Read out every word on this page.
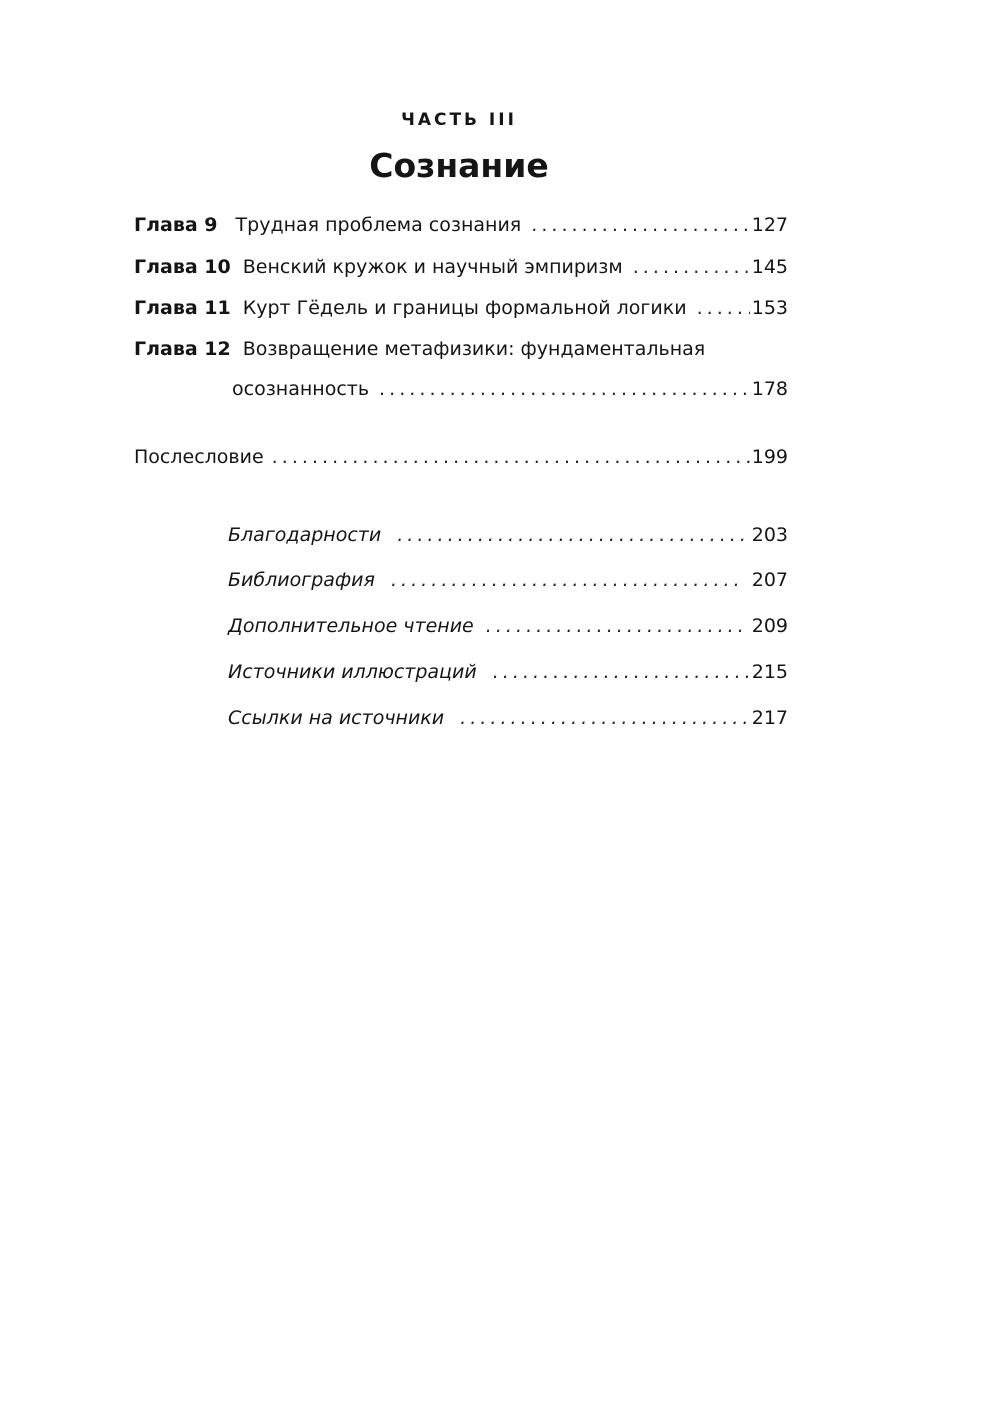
ЧАСТЬ III
Сознание
Глава 9 Трудная проблема сознания . . .	127
Глава 10 Венский кружок и научный эмпиризм . . .	145
Глава 11 Курт Гёдель и границы формальной логики . . .	153
Глава 12 Возвращение метафизики: фундаментальная
осознанность . . .	178
Послесловие . . .	199
Благодарности . . .	203
Библиография . . .	207
Дополнительное чтение . . .	209
Источники иллюстраций . . .	215
Ссылки на источники . . .	217
